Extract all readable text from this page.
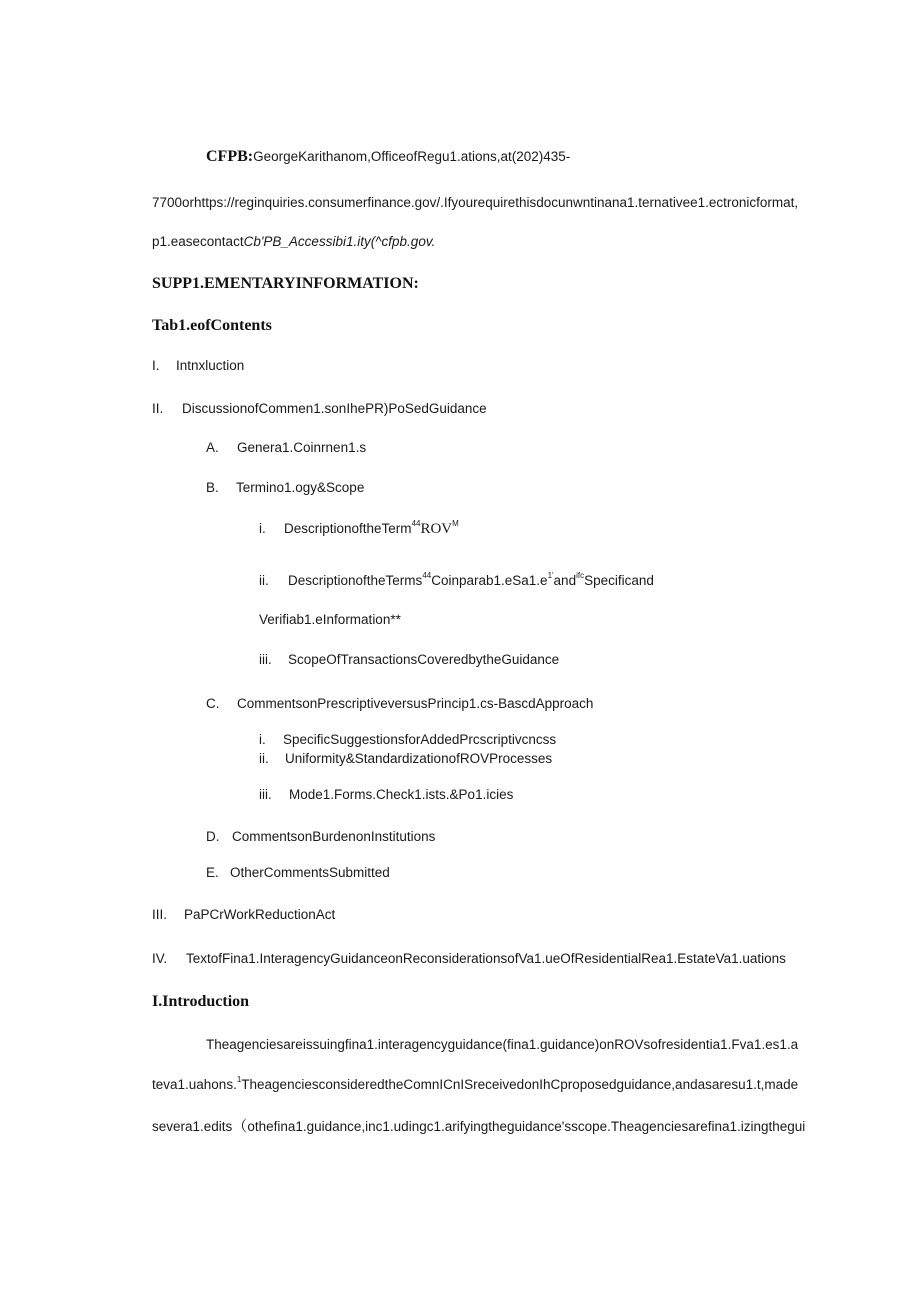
CFPB:GeorgeKarithanom,OfficeofRegu1.ations,at(202)435-
7700orhttps://reginquiries.consumerfinance.gov/.Ifyourequirethisdocunwntinana1.ternativee1.ectronicformat,
p1.easecontactCb'PB_Accessibi1.ity(^cfpb.gov.
SUPP1.EMENTARYINFORMATION:
Tab1.eofContents
I. Intnxluction
II. DiscussionofCommen1.sonIhePR)PoSedGuidance
A. Genera1.Coinrnen1.s
B. Termino1.ogy&Scope
i. $DescriptionoftheTerm^{44}ROV^M$
ii. $DescriptionoftheTerms^{44}Coinparab1.eSa1.e^{1'}and^{ifc}Specificand$
Verifiab1.eInformation**
iii. ScopeOfTransactionsCoveredbytheGuidance
C. CommentsonPrescriptiveversusPrincip1.cs-BascdApproach
i. SpecificSuggestionsforAddedPrcscriptivcncss
ii. Uniformity&StandardizationofROVProcesses
iii. Mode1.Forms.Check1.ists.&Po1.icies
D. CommentsonBurdenonInstitutions
E. OtherCommentsSubmitted
III. PaPCrWorkReductionAct
IV. TextofFina1.InteragencyGuidanceonReconsiderationsofVa1.ueOfResidentialRea1.EstateVa1.uations
I.Introduction
Theagenciesareissuingfina1.interagencyguidance(fina1.guidance)onROVsofresidentia1.Fva1.es1.a
teva1.uahons.$^1$TheagenciesconsideredtheComnICnISreceivedonIhCproposedguidance,andasaresu1.t,made
severa1.edits（othefina1.guidance,inc1.udingc1.arifyingtheguidance'sscope.Theagenciesarefina1.izingthegui
